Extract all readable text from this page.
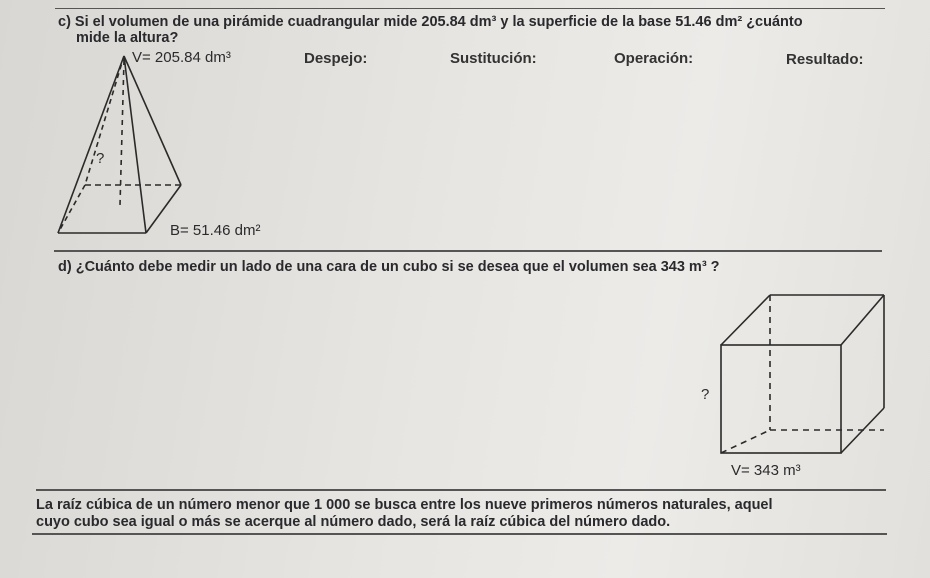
c) Si el volumen de una pirámide cuadrangular mide 205.84 dm³ y la superficie de la base 51.46 dm² ¿cuánto
mide la altura?
V= 205.84 dm³	Despejo:	Sustitución:	Operación:	Resultado:
?
B= 51.46 dm²
d) ¿Cuánto debe medir un lado de una cara de un cubo si se desea que el volumen sea 343 m³ ?
?
V= 343 m³
La raíz cúbica de un número menor que 1 000 se busca entre los nueve primeros números naturales, aquel
cuyo cubo sea igual o más se acerque al número dado, será la raíz cúbica del número dado.
